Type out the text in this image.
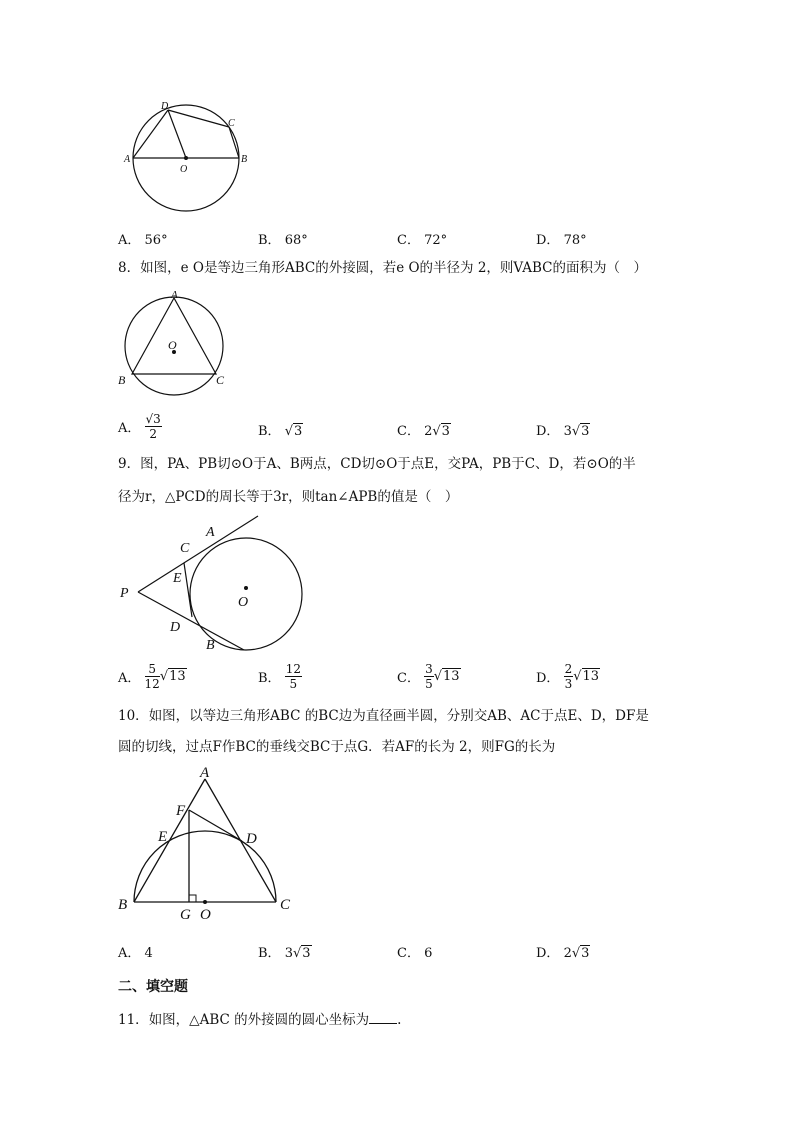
A	B
C
D
O
A． 56°	B． 68°	C． 72°	D． 78°
8．如图，e O是等边三角形ABC的外接圆，若e O的半径为 2，则VABC的面积为（　）
A
B	C
O
A． $\frac{√3}{2}$	B． √3	C． 2√3	D． 3√3
9．图，PA、PB切⊙O于A、B两点，CD切⊙O于点E，交PA，PB于C、D，若⊙O的半
径为r，△PCD的周长等于3r，则tan∠APB的值是（　）
P
A
C
E
D
B
O
A． $\frac{5}{12} √13$	B． $\frac{12}{5}$	C． $\frac{3}{5} √13$	D． $\frac{2}{3} √13$
10．如图，以等边三角形ABC 的BC边为直径画半圆，分别交AB、AC于点E、D，DF是
圆的切线，过点F作BC的垂线交BC于点G．若AF的长为 2，则FG的长为
A
F
E	D
B	C
G O
A． 4	B． 3√3	C． 6	D． 2√3
二、填空题
11．如图，△ABC 的外接圆的圆心坐标为 .
